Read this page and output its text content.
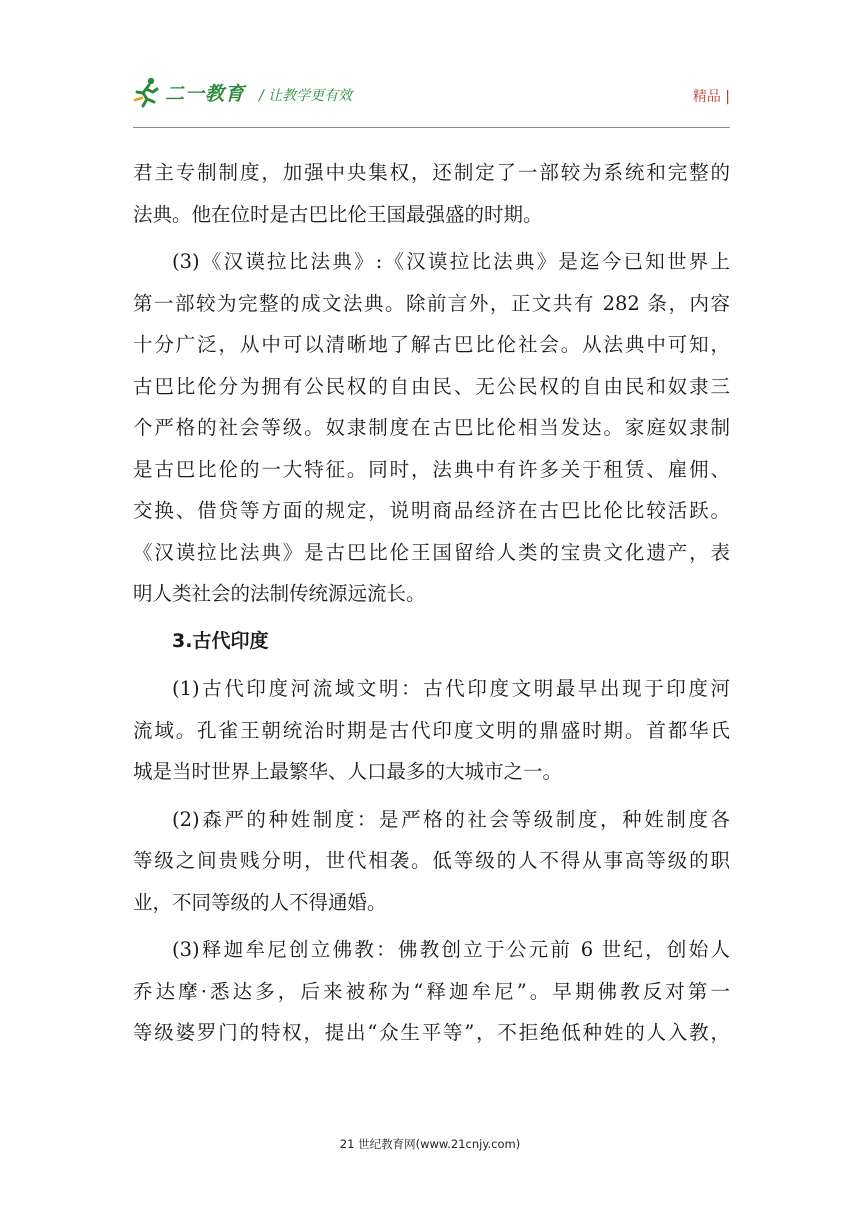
二一教育 / 让教学更有效	精品 |
君主专制制度，加强中央集权，还制定了一部较为系统和完整的
法典。他在位时是古巴比伦王国最强盛的时期。
(3)《汉谟拉比法典》:《汉谟拉比法典》是迄今已知世界上
第一部较为完整的成文法典。除前言外，正文共有 282 条，内容
十分广泛，从中可以清晰地了解古巴比伦社会。从法典中可知，
古巴比伦分为拥有公民权的自由民、无公民权的自由民和奴隶三
个严格的社会等级。奴隶制度在古巴比伦相当发达。家庭奴隶制
是古巴比伦的一大特征。同时，法典中有许多关于租赁、雇佣、
交换、借贷等方面的规定，说明商品经济在古巴比伦比较活跃。
《汉谟拉比法典》是古巴比伦王国留给人类的宝贵文化遗产，表
明人类社会的法制传统源远流长。
3.古代印度
(1)古代印度河流域文明：古代印度文明最早出现于印度河
流域。孔雀王朝统治时期是古代印度文明的鼎盛时期。首都华氏
城是当时世界上最繁华、人口最多的大城市之一。
(2)森严的种姓制度：是严格的社会等级制度，种姓制度各
等级之间贵贱分明，世代相袭。低等级的人不得从事高等级的职
业，不同等级的人不得通婚。
(3)释迦牟尼创立佛教：佛教创立于公元前 6 世纪，创始人
乔达摩·悉达多，后来被称为“释迦牟尼”。早期佛教反对第一
等级婆罗门的特权，提出“众生平等”，不拒绝低种姓的人入教，
21 世纪教育网(www.21cnjy.com)
